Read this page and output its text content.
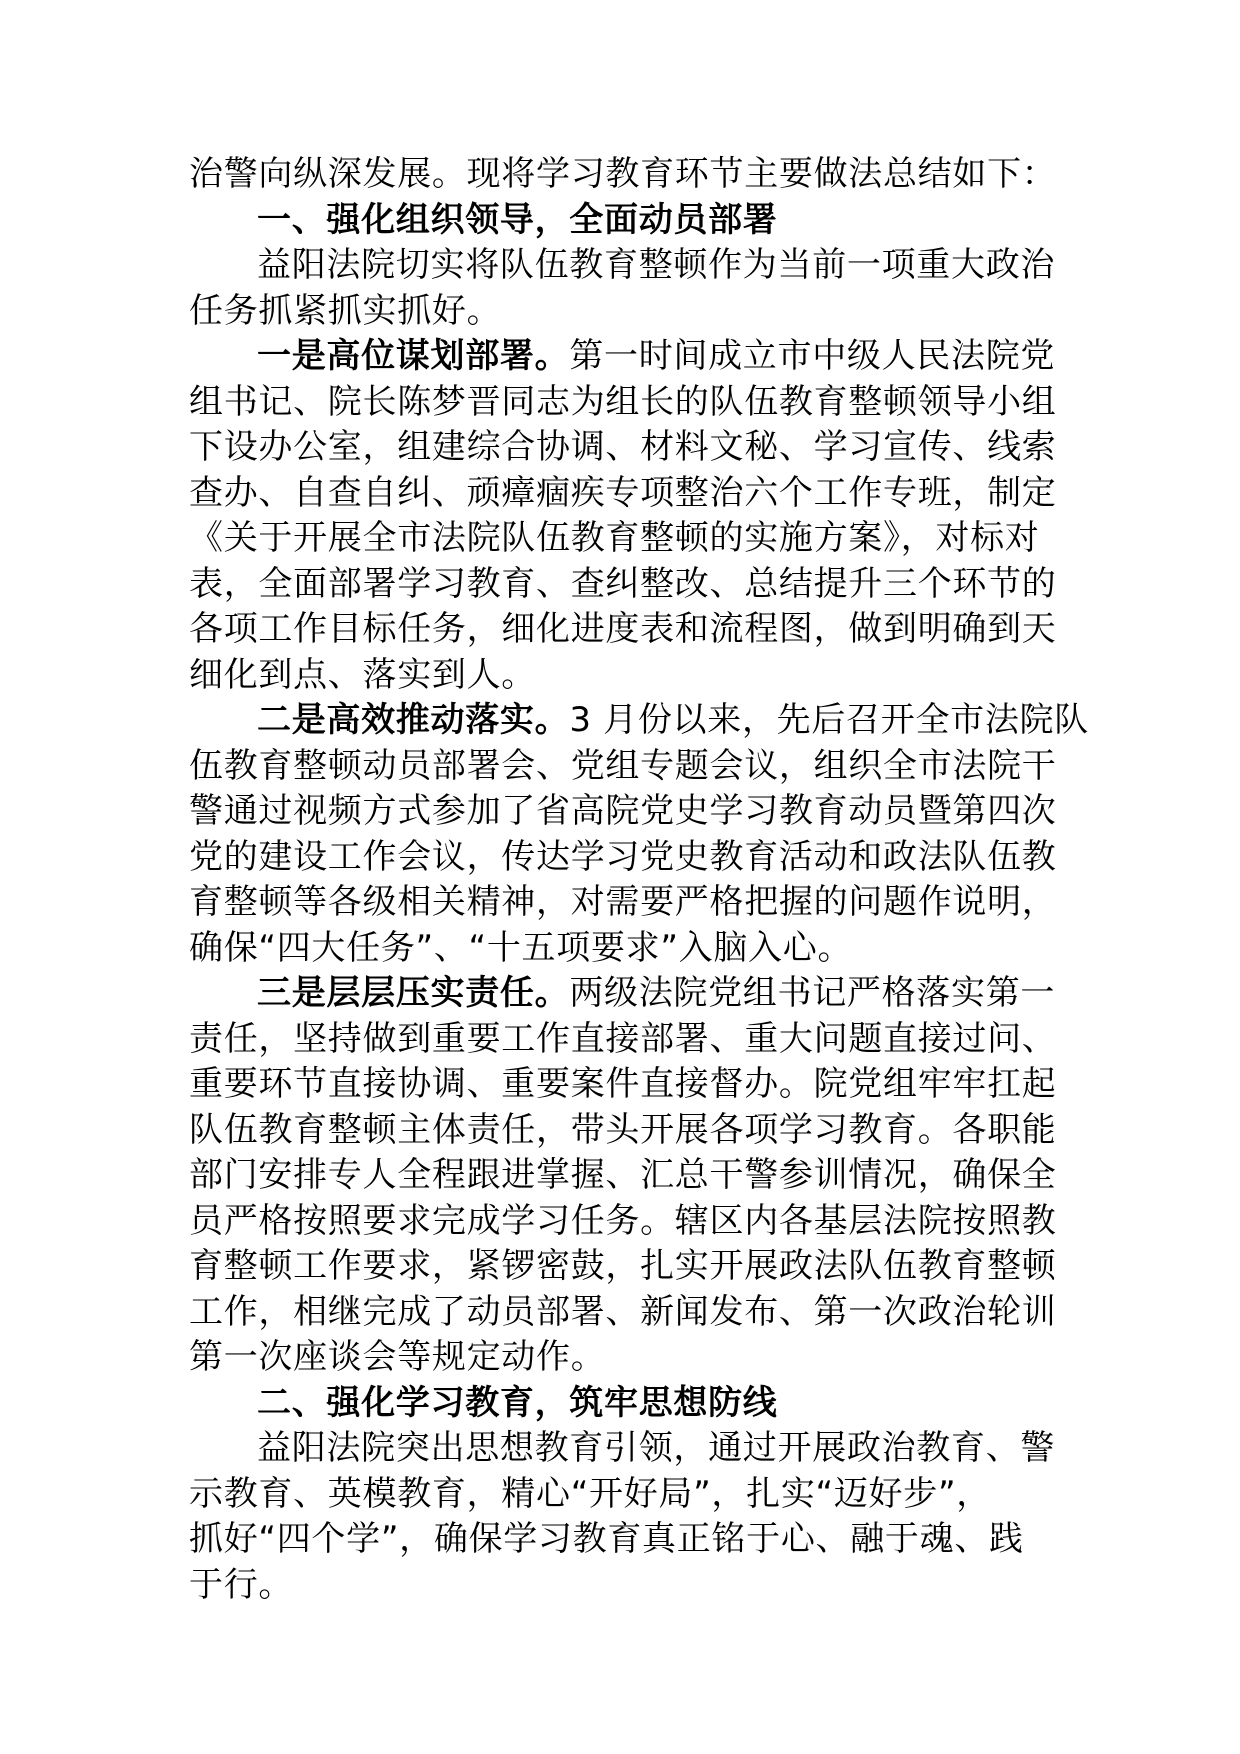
治警向纵深发展。现将学习教育环节主要做法总结如下：
一、强化组织领导，全面动员部署
益阳法院切实将队伍教育整顿作为当前一项重大政治
任务抓紧抓实抓好。
一是高位谋划部署。第一时间成立市中级人民法院党
组书记、院长陈梦晋同志为组长的队伍教育整顿领导小组
下设办公室，组建综合协调、材料文秘、学习宣传、线索
查办、自查自纠、顽瘴痼疾专项整治六个工作专班，制定
《关于开展全市法院队伍教育整顿的实施方案》，对标对
表，全面部署学习教育、查纠整改、总结提升三个环节的
各项工作目标任务，细化进度表和流程图，做到明确到天
细化到点、落实到人。
二是高效推动落实。3 月份以来，先后召开全市法院队
伍教育整顿动员部署会、党组专题会议，组织全市法院干
警通过视频方式参加了省高院党史学习教育动员暨第四次
党的建设工作会议，传达学习党史教育活动和政法队伍教
育整顿等各级相关精神，对需要严格把握的问题作说明，
确保“四大任务”、“十五项要求”入脑入心。
三是层层压实责任。两级法院党组书记严格落实第一
责任，坚持做到重要工作直接部署、重大问题直接过问、
重要环节直接协调、重要案件直接督办。院党组牢牢扛起
队伍教育整顿主体责任，带头开展各项学习教育。各职能
部门安排专人全程跟进掌握、汇总干警参训情况，确保全
员严格按照要求完成学习任务。辖区内各基层法院按照教
育整顿工作要求，紧锣密鼓，扎实开展政法队伍教育整顿
工作，相继完成了动员部署、新闻发布、第一次政治轮训
第一次座谈会等规定动作。
二、强化学习教育，筑牢思想防线
益阳法院突出思想教育引领，通过开展政治教育、警
示教育、英模教育，精心“开好局”，扎实“迈好步”，
抓好“四个学”，确保学习教育真正铭于心、融于魂、践
于行。
